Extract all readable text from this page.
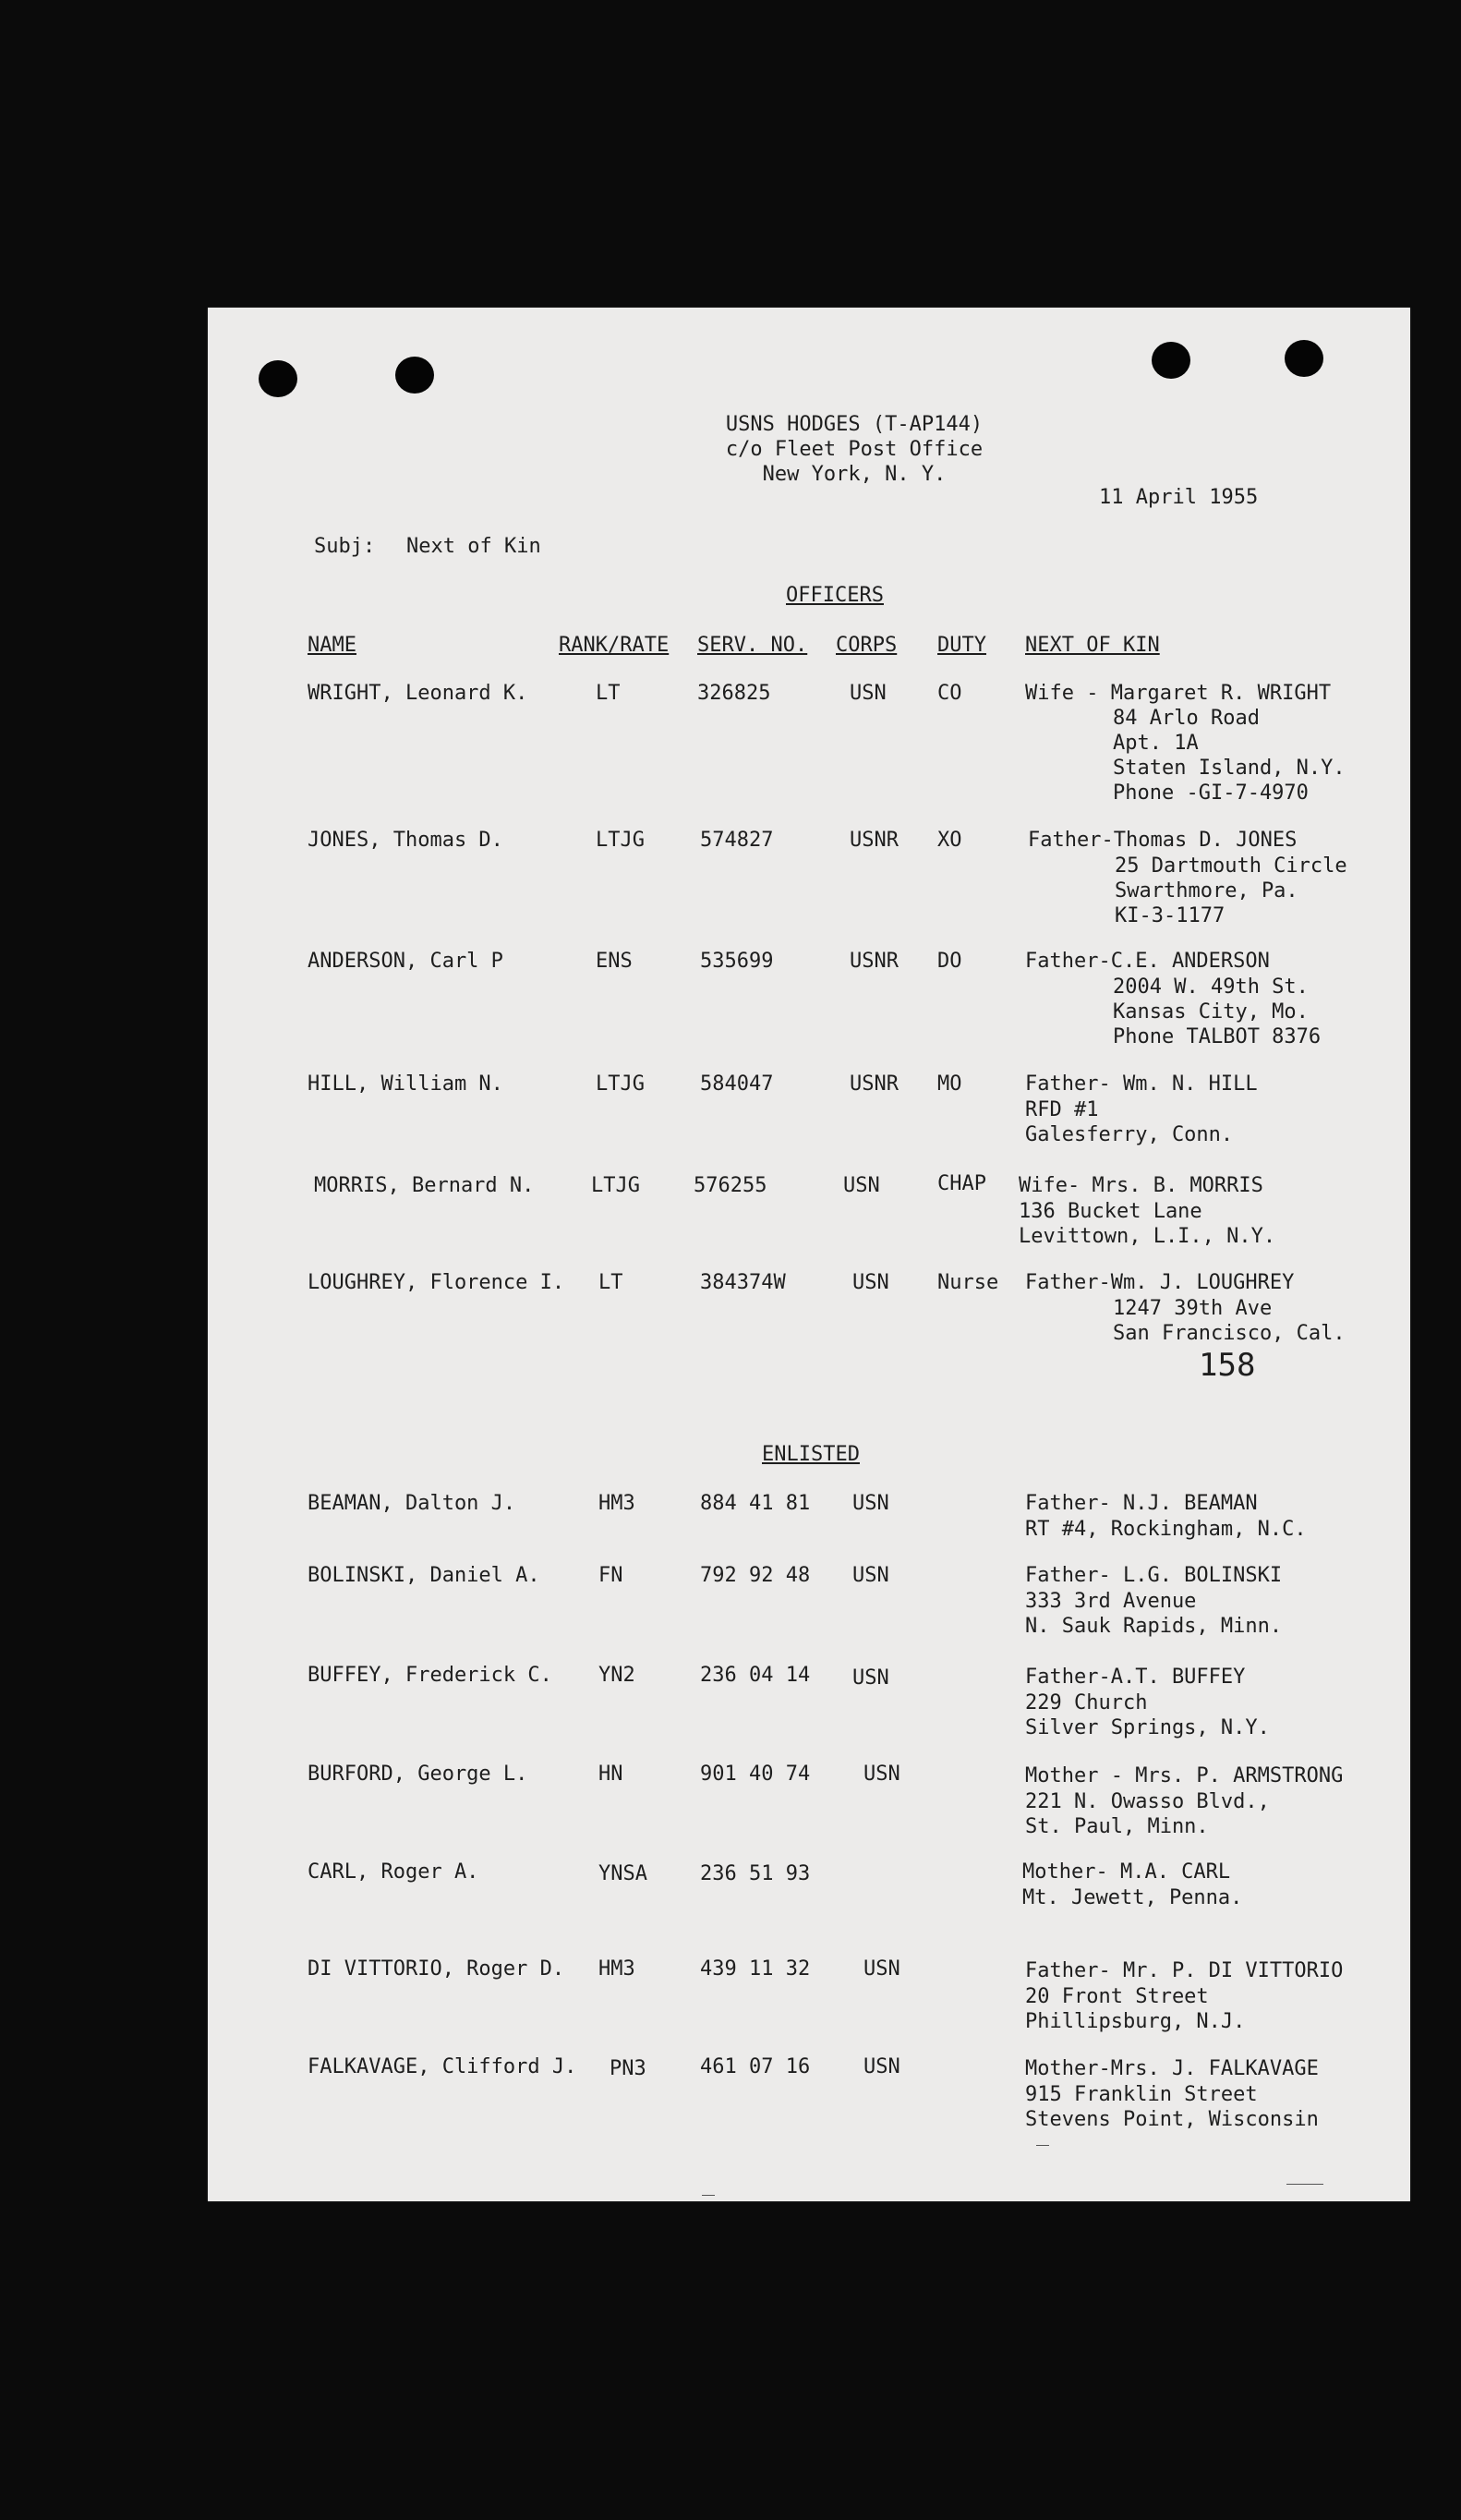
USNS HODGES (T-AP144)
c/o Fleet Post Office
New York, N. Y.
11 April 1955
Subj: Next of Kin
OFFICERS
NAME	RANK/RATE SERV. NO. CORPS DUTY NEXT OF KIN
WRIGHT, Leonard K.	LT	326825	USN	CO	Wife - Margaret R. WRIGHT
84 Arlo Road
Apt. 1A
Staten Island, N.Y.
Phone -GI-7-4970
JONES, Thomas D.	LTJG	574827	USNR XO	Father-Thomas D. JONES
25 Dartmouth Circle
Swarthmore, Pa.
KI-3-1177
ANDERSON, Carl P	ENS	535699	USNR DO	Father-C.E. ANDERSON
2004 W. 49th St.
Kansas City, Mo.
Phone TALBOT 8376
HILL, William N.	LTJG	584047	USNR MO	Father- Wm. N. HILL
RFD #1
Galesferry, Conn.
MORRIS, Bernard N.	LTJG	576255	USN	CHAP Wife- Mrs. B. MORRIS
136 Bucket Lane
Levittown, L.I., N.Y.
LOUGHREY, Florence I. LT	384374W	USN Nurse Father-Wm. J. LOUGHREY
1247 39th Ave
San Francisco, Cal.
158
ENLISTED
BEAMAN, Dalton J.	HM3	884 41 81 USN	Father- N.J. BEAMAN
RT #4, Rockingham, N.C.
BOLINSKI, Daniel A.	FN	792 92 48 USN	Father- L.G. BOLINSKI
333 3rd Avenue
N. Sauk Rapids, Minn.
BUFFEY, Frederick C. YN2	236 04 14 USN	Father-A.T. BUFFEY
229 Church
Silver Springs, N.Y.
BURFORD, George L.	HN	901 40 74	USN	Mother - Mrs. P. ARMSTRONG
221 N. Owasso Blvd.,
St. Paul, Minn.
CARL, Roger A.	YNSA	236 51 93	Mother- M.A. CARL
Mt. Jewett, Penna.
DI VITTORIO, Roger D. HM3	439 11 32	USN	Father- Mr. P. DI VITTORIO
20 Front Street
Phillipsburg, N.J.
FALKAVAGE, Clifford J. PN3	461 07 16	USN	Mother-Mrs. J. FALKAVAGE
915 Franklin Street
Stevens Point, Wisconsin
